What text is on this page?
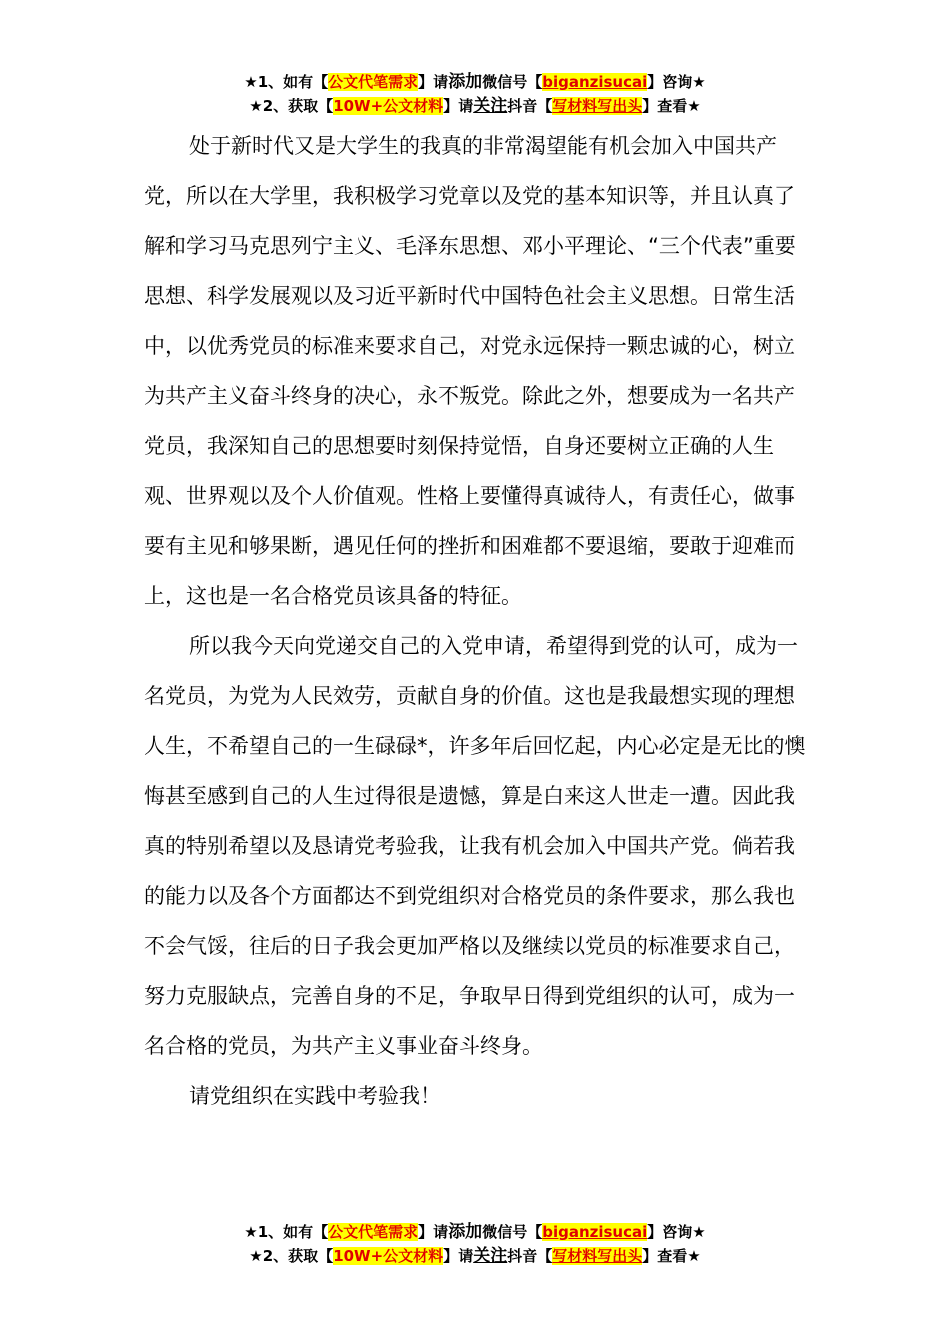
★1、如有【公文代笔需求】请添加微信号【biganzisucai】咨询★
★2、获取【10W+公文材料】请关注抖音【写材料写出头】查看★

处于新时代又是大学生的我真的非常渴望能有机会加入中国共产党，所以在大学里，我积极学习党章以及党的基本知识等，并且认真了解和学习马克思列宁主义、毛泽东思想、邓小平理论、“三个代表”重要思想、科学发展观以及习近平新时代中国特色社会主义思想。日常生活中，以优秀党员的标准来要求自己，对党永远保持一颗忠诚的心，树立为共产主义奋斗终身的决心，永不叛党。除此之外，想要成为一名共产党员，我深知自己的思想要时刻保持觉悟，自身还要树立正确的人生观、世界观以及个人价值观。性格上要懂得真诚待人，有责任心，做事要有主见和够果断，遇见任何的挫折和困难都不要退缩，要敢于迎难而上，这也是一名合格党员该具备的特征。

所以我今天向党递交自己的入党申请，希望得到党的认可，成为一名党员，为党为人民效劳，贡献自身的价值。这也是我最想实现的理想人生，不希望自己的一生碌碌*，许多年后回忆起，内心必定是无比的懊悔甚至感到自己的人生过得很是遗憾，算是白来这人世走一遭。因此我真的特别希望以及恳请党考验我，让我有机会加入中国共产党。倘若我的能力以及各个方面都达不到党组织对合格党员的条件要求，那么我也不会气馁，往后的日子我会更加严格以及继续以党员的标准要求自己，努力克服缺点，完善自身的不足，争取早日得到党组织的认可，成为一名合格的党员，为共产主义事业奋斗终身。

请党组织在实践中考验我！

★1、如有【公文代笔需求】请添加微信号【biganzisucai】咨询★
★2、获取【10W+公文材料】请关注抖音【写材料写出头】查看★
